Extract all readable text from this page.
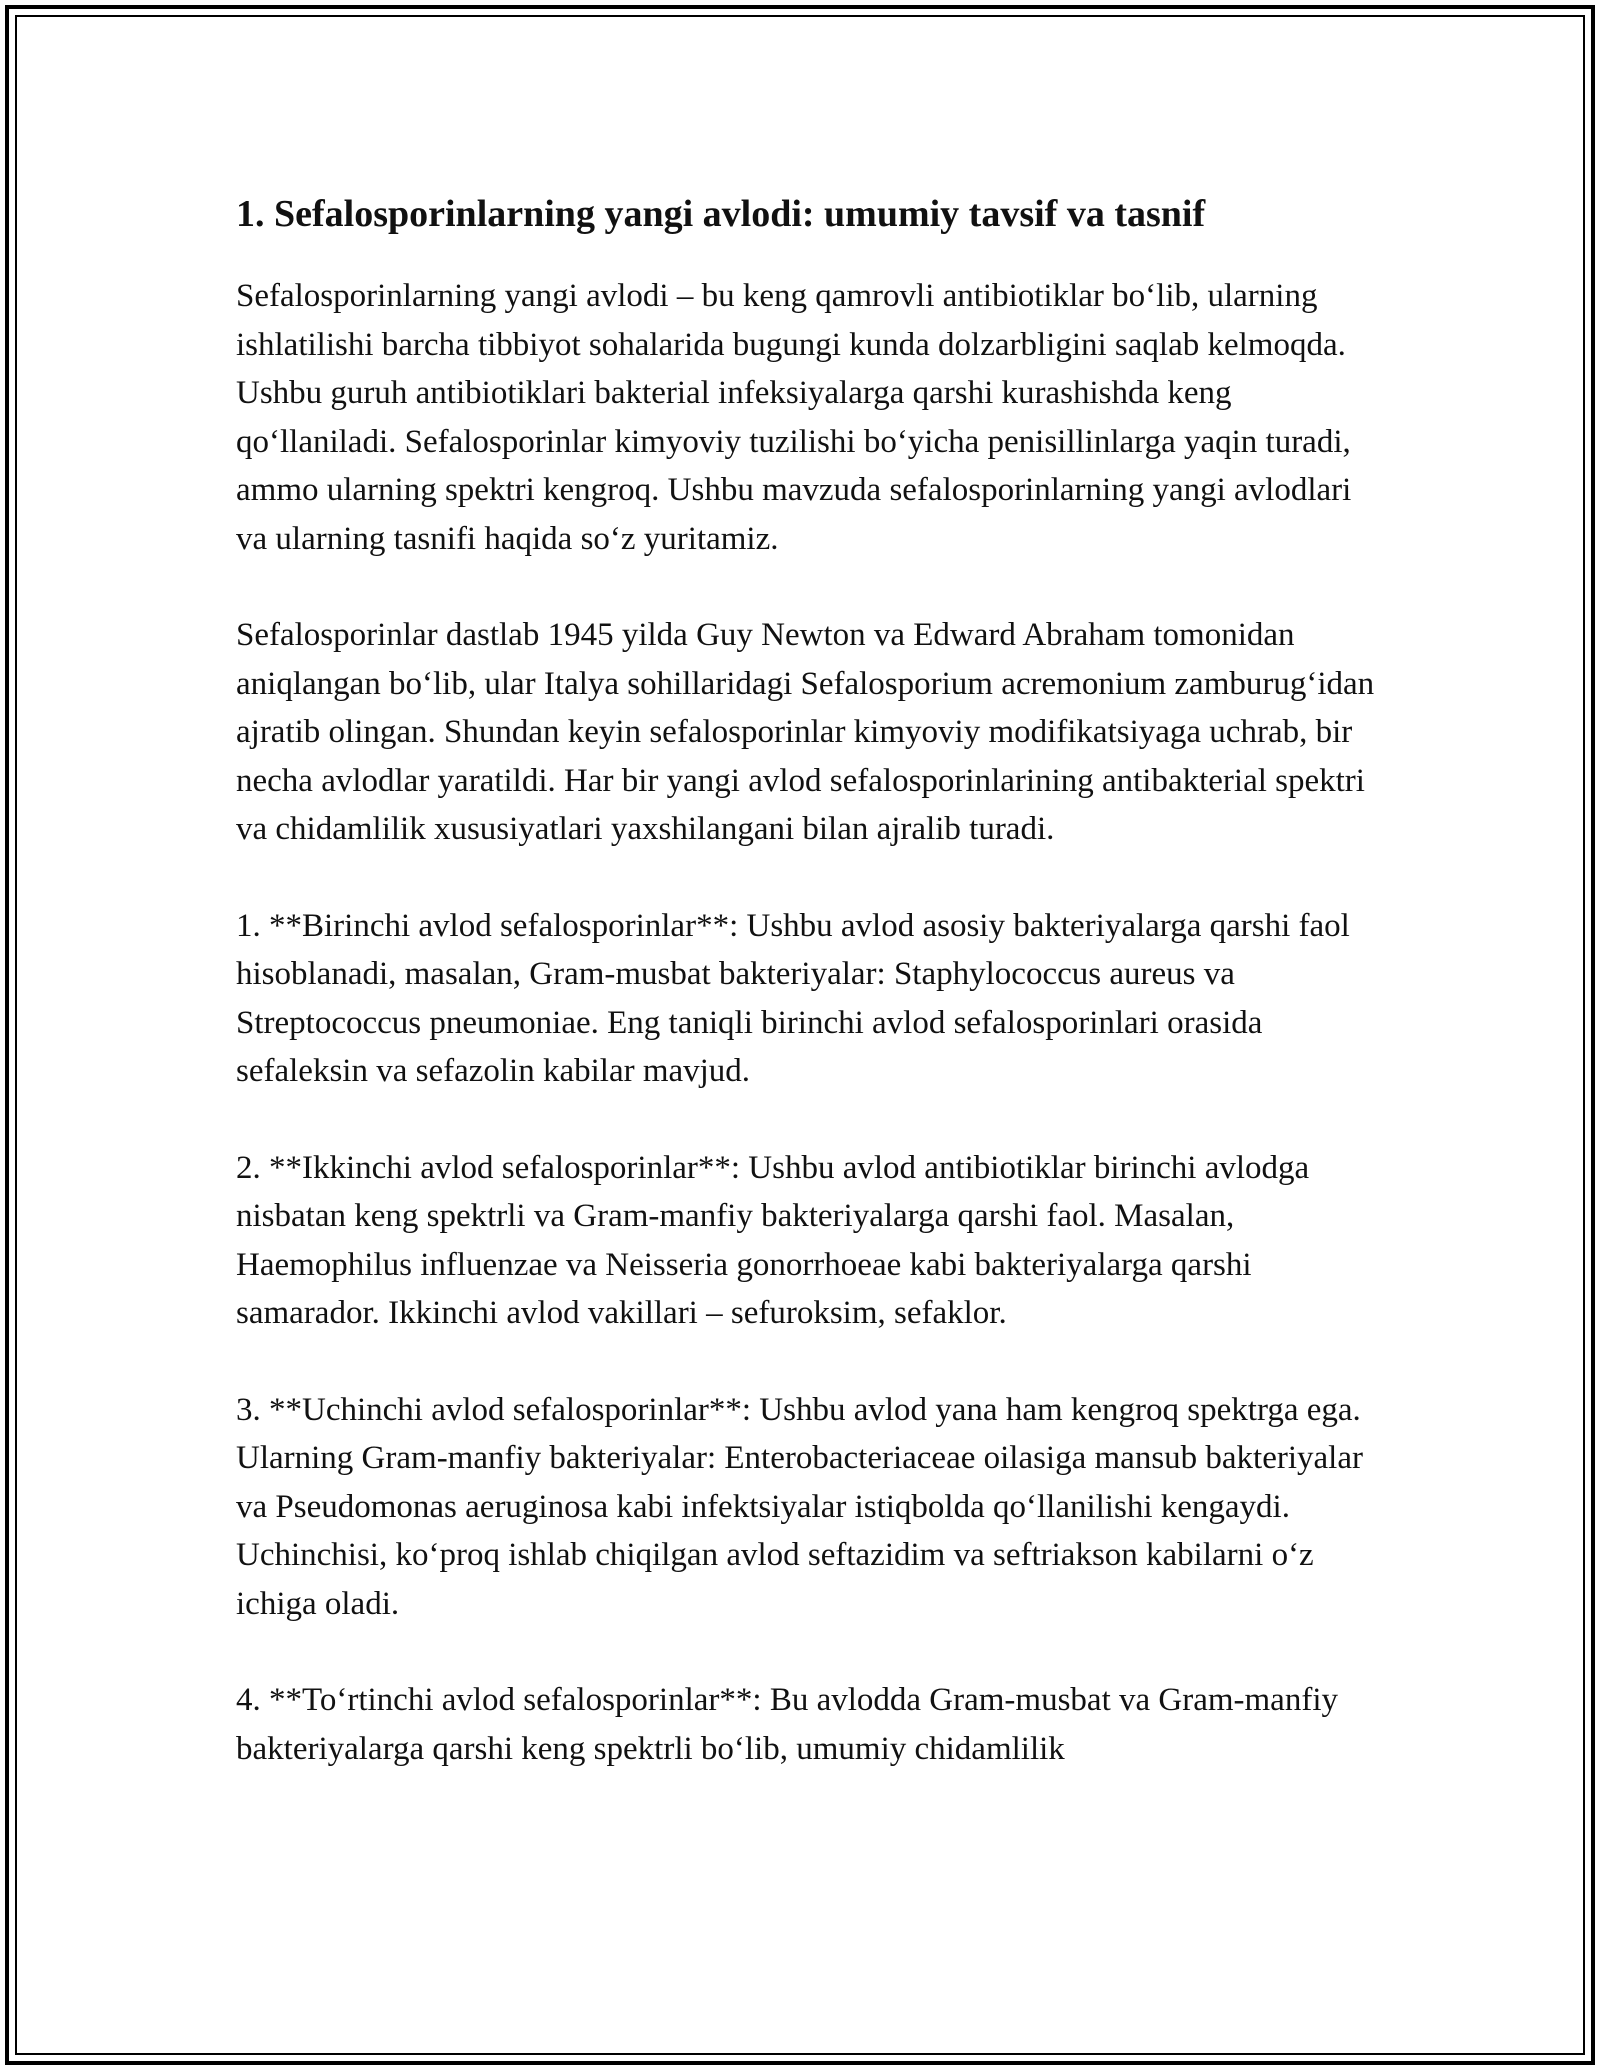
1. Sefalosporinlarning yangi avlodi: umumiy tavsif va tasnif

Sefalosporinlarning yangi avlodi – bu keng qamrovli antibiotiklar bo‘lib, ularning ishlatilishi barcha tibbiyot sohalarida bugungi kunda dolzarbligini saqlab kelmoqda. Ushbu guruh antibiotiklari bakterial infeksiyalarga qarshi kurashishda keng qo‘llaniladi. Sefalosporinlar kimyoviy tuzilishi bo‘yicha penisillinlarga yaqin turadi, ammo ularning spektri kengroq. Ushbu mavzuda sefalosporinlarning yangi avlodlari va ularning tasnifi haqida so‘z yuritamiz.

Sefalosporinlar dastlab 1945 yilda Guy Newton va Edward Abraham tomonidan aniqlangan bo‘lib, ular Italya sohillaridagi Sefalosporium acremonium zamburug‘idan ajratib olingan. Shundan keyin sefalosporinlar kimyoviy modifikatsiyaga uchrab, bir necha avlodlar yaratildi. Har bir yangi avlod sefalosporinlarining antibakterial spektri va chidamlilik xususiyatlari yaxshilangani bilan ajralib turadi.

1. **Birinchi avlod sefalosporinlar**: Ushbu avlod asosiy bakteriyalarga qarshi faol hisoblanadi, masalan, Gram-musbat bakteriyalar: Staphylococcus aureus va Streptococcus pneumoniae. Eng taniqli birinchi avlod sefalosporinlari orasida sefaleksin va sefazolin kabilar mavjud.

2. **Ikkinchi avlod sefalosporinlar**: Ushbu avlod antibiotiklar birinchi avlodga nisbatan keng spektrli va Gram-manfiy bakteriyalarga qarshi faol. Masalan, Haemophilus influenzae va Neisseria gonorrhoeae kabi bakteriyalarga qarshi samarador. Ikkinchi avlod vakillari – sefuroksim, sefaklor.

3. **Uchinchi avlod sefalosporinlar**: Ushbu avlod yana ham kengroq spektrga ega. Ularning Gram-manfiy bakteriyalar: Enterobacteriaceae oilasiga mansub bakteriyalar va Pseudomonas aeruginosa kabi infektsiyalar istiqbolda qo‘llanilishi kengaydi. Uchinchisi, ko‘proq ishlab chiqilgan avlod seftazidim va seftriakson kabilarni o‘z ichiga oladi.

4. **To‘rtinchi avlod sefalosporinlar**: Bu avlodda Gram-musbat va Gram-manfiy bakteriyalarga qarshi keng spektrli bo‘lib, umumiy chidamlilik
